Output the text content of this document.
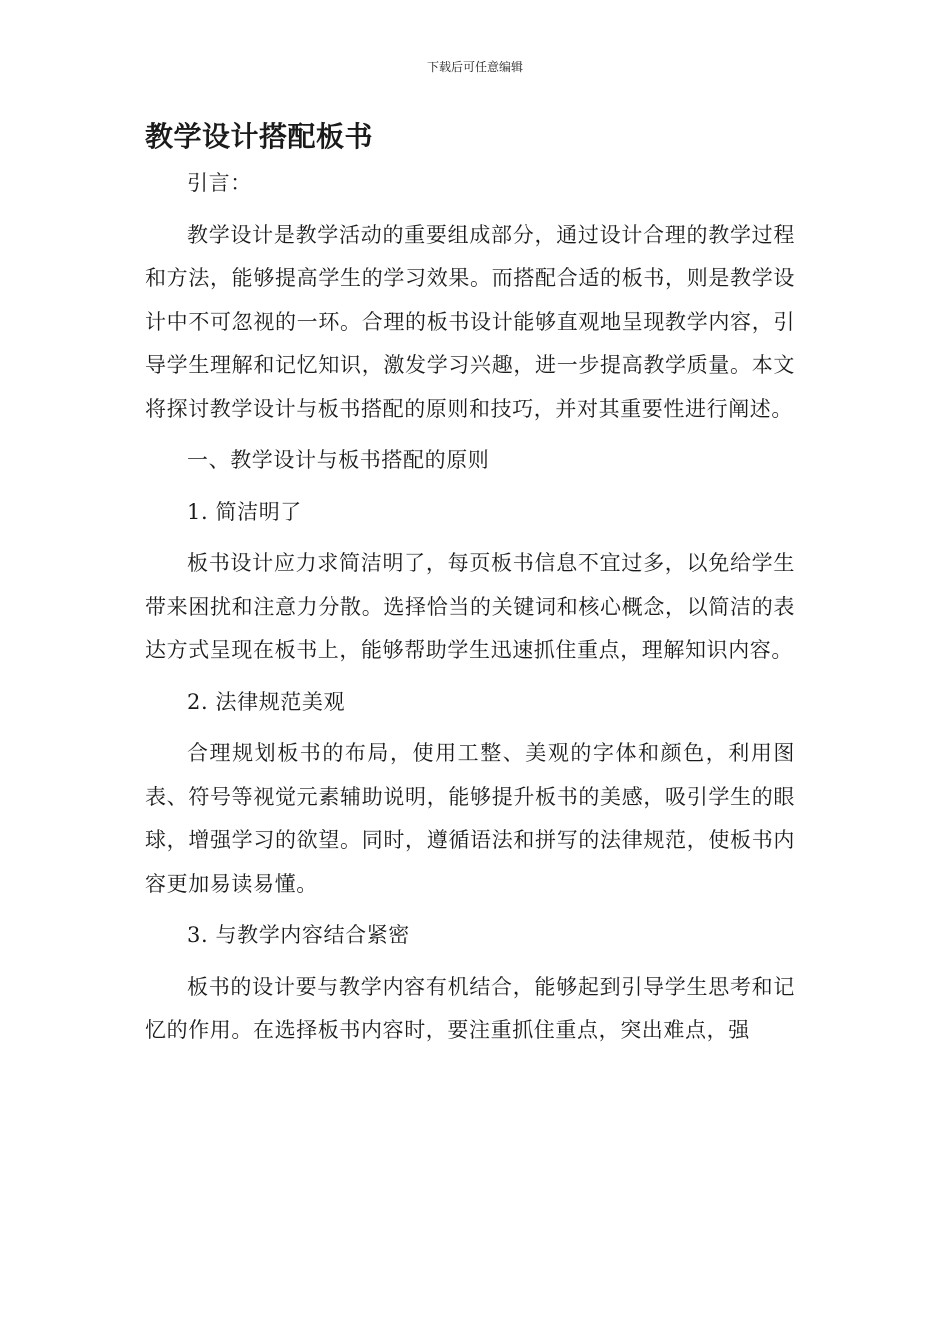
下载后可任意编辑
教学设计搭配板书

引言：

教学设计是教学活动的重要组成部分，通过设计合理的教学过程和方法，能够提高学生的学习效果。而搭配合适的板书，则是教学设计中不可忽视的一环。合理的板书设计能够直观地呈现教学内容，引导学生理解和记忆知识，激发学习兴趣，进一步提高教学质量。本文将探讨教学设计与板书搭配的原则和技巧，并对其重要性进行阐述。

一、教学设计与板书搭配的原则

1. 简洁明了

板书设计应力求简洁明了，每页板书信息不宜过多，以免给学生带来困扰和注意力分散。选择恰当的关键词和核心概念，以简洁的表达方式呈现在板书上，能够帮助学生迅速抓住重点，理解知识内容。

2. 法律规范美观

合理规划板书的布局，使用工整、美观的字体和颜色，利用图表、符号等视觉元素辅助说明，能够提升板书的美感，吸引学生的眼球，增强学习的欲望。同时，遵循语法和拼写的法律规范，使板书内容更加易读易懂。

3. 与教学内容结合紧密

板书的设计要与教学内容有机结合，能够起到引导学生思考和记忆的作用。在选择板书内容时，要注重抓住重点，突出难点，强
